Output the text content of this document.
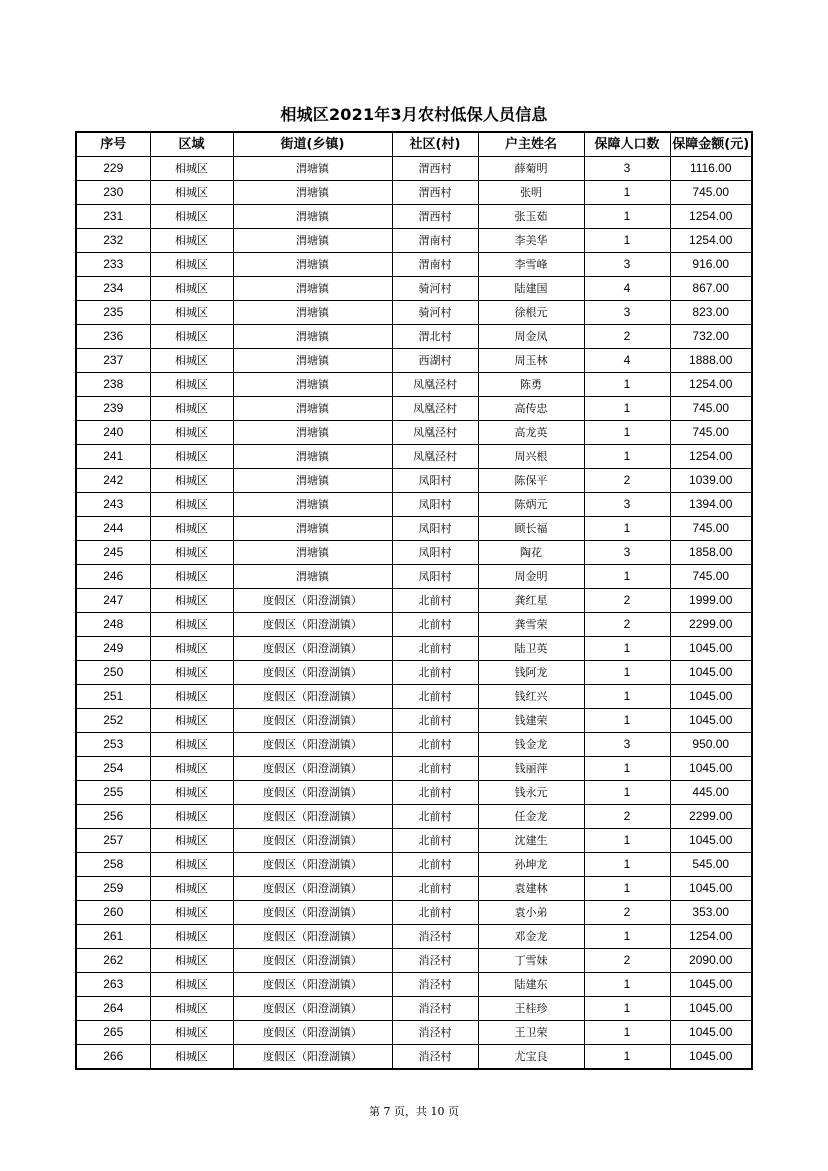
相城区2021年3月农村低保人员信息
序号	区域	街道(乡镇)	社区(村)	户主姓名	保障人口数	保障金额(元)
229	相城区	渭塘镇	渭西村	薛菊明	3	1116.00
230	相城区	渭塘镇	渭西村	张明	1	745.00
231	相城区	渭塘镇	渭西村	张玉茹	1	1254.00
232	相城区	渭塘镇	渭南村	李美华	1	1254.00
233	相城区	渭塘镇	渭南村	李雪峰	3	916.00
234	相城区	渭塘镇	骑河村	陆建国	4	867.00
235	相城区	渭塘镇	骑河村	徐根元	3	823.00
236	相城区	渭塘镇	渭北村	周金凤	2	732.00
237	相城区	渭塘镇	西湖村	周玉林	4	1888.00
238	相城区	渭塘镇	凤凰泾村	陈勇	1	1254.00
239	相城区	渭塘镇	凤凰泾村	高传忠	1	745.00
240	相城区	渭塘镇	凤凰泾村	高龙英	1	745.00
241	相城区	渭塘镇	凤凰泾村	周兴根	1	1254.00
242	相城区	渭塘镇	凤阳村	陈保平	2	1039.00
243	相城区	渭塘镇	凤阳村	陈炳元	3	1394.00
244	相城区	渭塘镇	凤阳村	顾长福	1	745.00
245	相城区	渭塘镇	凤阳村	陶花	3	1858.00
246	相城区	渭塘镇	凤阳村	周金明	1	745.00
247	相城区	度假区（阳澄湖镇）	北前村	龚红星	2	1999.00
248	相城区	度假区（阳澄湖镇）	北前村	龚雪荣	2	2299.00
249	相城区	度假区（阳澄湖镇）	北前村	陆卫英	1	1045.00
250	相城区	度假区（阳澄湖镇）	北前村	钱阿龙	1	1045.00
251	相城区	度假区（阳澄湖镇）	北前村	钱红兴	1	1045.00
252	相城区	度假区（阳澄湖镇）	北前村	钱建荣	1	1045.00
253	相城区	度假区（阳澄湖镇）	北前村	钱金龙	3	950.00
254	相城区	度假区（阳澄湖镇）	北前村	钱丽萍	1	1045.00
255	相城区	度假区（阳澄湖镇）	北前村	钱永元	1	445.00
256	相城区	度假区（阳澄湖镇）	北前村	任金龙	2	2299.00
257	相城区	度假区（阳澄湖镇）	北前村	沈建生	1	1045.00
258	相城区	度假区（阳澄湖镇）	北前村	孙坤龙	1	545.00
259	相城区	度假区（阳澄湖镇）	北前村	袁建林	1	1045.00
260	相城区	度假区（阳澄湖镇）	北前村	袁小弟	2	353.00
261	相城区	度假区（阳澄湖镇）	消泾村	邓金龙	1	1254.00
262	相城区	度假区（阳澄湖镇）	消泾村	丁雪妹	2	2090.00
263	相城区	度假区（阳澄湖镇）	消泾村	陆建东	1	1045.00
264	相城区	度假区（阳澄湖镇）	消泾村	王桂珍	1	1045.00
265	相城区	度假区（阳澄湖镇）	消泾村	王卫荣	1	1045.00
266	相城区	度假区（阳澄湖镇）	消泾村	尤宝良	1	1045.00
第 7 页，共 10 页
